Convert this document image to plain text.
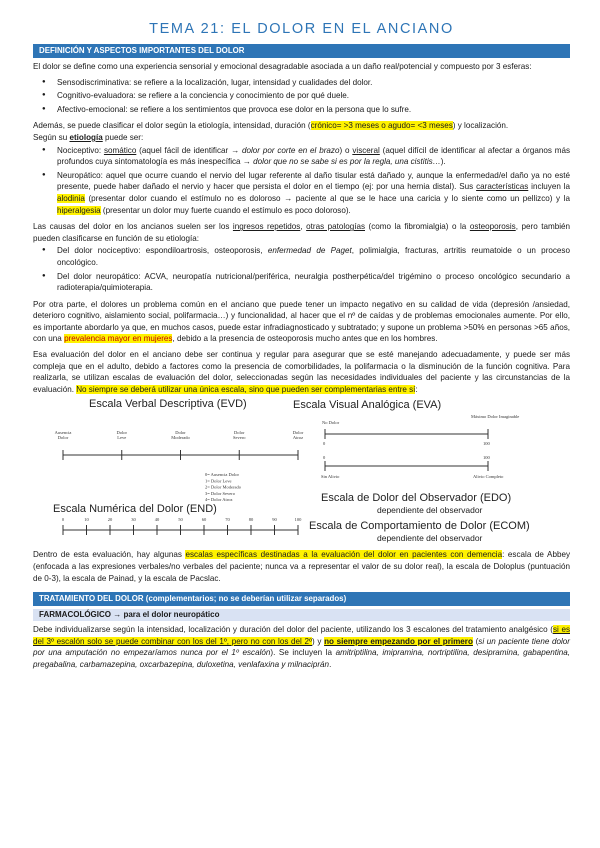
TEMA 21: EL DOLOR EN EL ANCIANO
DEFINICIÓN Y ASPECTOS IMPORTANTES DEL DOLOR

El dolor se define como una experiencia sensorial y emocional desagradable asociada a un daño real/potencial y compuesto por 3 esferas:

● Sensodiscriminativa: se refiere a la localización, lugar, intensidad y cualidades del dolor.
● Cognitivo-evaluadora: se refiere a la conciencia y conocimiento de por qué duele.
● Afectivo-emocional: se refiere a los sentimientos que provoca ese dolor en la persona que lo sufre.

Además, se puede clasificar el dolor según la etiología, intensidad, duración (crónico= >3 meses o agudo= <3 meses) y localización.

Según su etiología puede ser:

● Nociceptivo: somático (aquel fácil de identificar → dolor por corte en el brazo) o visceral (aquel difícil de identificar al afectar a órganos más profundos cuya sintomatología es más inespecífica → dolor que no se sabe si es por la regla, una cistitis…).
● Neuropático: aquel que ocurre cuando el nervio del lugar referente al daño tisular está dañado y, aunque la enfermedad/el daño ya no esté presente, puede haber dañado el nervio y hacer que persista el dolor en el tiempo (ej: por una hernia distal). Sus características incluyen la alodinia (presentar dolor cuando el estímulo no es doloroso → paciente al que se le hace una caricia y lo siente como un pellizco) y la hiperalgesia (presentar un dolor muy fuerte cuando el estímulo es poco doloroso).

Las causas del dolor en los ancianos suelen ser los ingresos repetidos, otras patologías (como la fibromialgia) o la osteoporosis, pero también pueden clasificarse en función de su etiología:

● Del dolor nociceptivo: espondiloartrosis, osteoporosis, enfermedad de Paget, polimialgia, fracturas, artritis reumatoide o un proceso oncológico.
● Del dolor neuropático: ACVA, neuropatía nutricional/periférica, neuralgia postherpética/del trigémino o proceso oncológico secundario a radioterapia/quimioterapia.

Por otra parte, el dolores un problema común en el anciano que puede tener un impacto negativo en su calidad de vida (depresión /ansiedad, deterioro cognitivo, aislamiento social, polifarmacia…) y funcionalidad, al hacer que el nº de caídas y de problemas emocionales aumente. Por ello, es importante abordarlo ya que, en muchos casos, puede estar infradiagnosticado y subtratado; y supone un problema >50% en personas >65 años, con una prevalencia mayor en mujeres, debido a la presencia de osteoporosis mucho antes que en los hombres.

Esa evaluación del dolor en el anciano debe ser continua y regular para asegurar que se esté manejando adecuadamente, y puede ser más compleja que en el adulto, debido a factores como la presencia de comorbilidades, la polifarmacia o la disminución de la función cognitiva. Para realizarla, se utilizan escalas de evaluación del dolor, seleccionadas según las necesidades individuales del paciente y las circunstancias de la evaluación. No siempre se deberá utilizar una única escala, sino que pueden ser complementarias entre sí:

Ausencia
Dolor
Dolor
Leve
Dolor
Moderado
Dolor
Severo
Dolor
Atroz
0	10	20	30	40	50	60	70	80	90	100
No Dolor
Máximo Dolor Imaginable
0	100
0	100
Sin Alivio	Alivio Completo
0= Ausencia Dolor
1= Dolor Leve
2= Dolor Moderado
3= Dolor Severo
4= Dolor Atroz
Escala Verbal Descriptiva (EVD)	Escala Visual Analógica (EVA)
Escala Numérica del Dolor (END)
Escala de Dolor del Observador (EDO)
dependiente del observador
Escala de Comportamiento de Dolor (ECOM)
dependiente del observador

Dentro de esta evaluación, hay algunas escalas específicas destinadas a la evaluación del dolor en pacientes con demencia: escala de Abbey (enfocada a las expresiones verbales/no verbales del paciente; nunca va a representar el valor de su dolor real), la escala de Doloplus (puntuación de 0-3), la escala de Painad, y la escala de Pacslac.

TRATAMIENTO DEL DOLOR (complementarios; no se deberían utilizar separados)
FARMACOLÓGICO → para el dolor neuropático

Debe individualizarse según la intensidad, localización y duración del dolor del paciente, utilizando los 3 escalones del tratamiento analgésico (si es del 3º escalón solo se puede combinar con los del 1º, pero no con los del 2º) y no siempre empezando por el primero (si un paciente tiene dolor por una amputación no empezaríamos nunca por el 1º escalón). Se incluyen la amitriptilina, imipramina, nortriptilina, desipramina, gabapentina, pregabalina, carbamazepina, oxcarbazepina, duloxetina, venlafaxina y milnaciprán.
